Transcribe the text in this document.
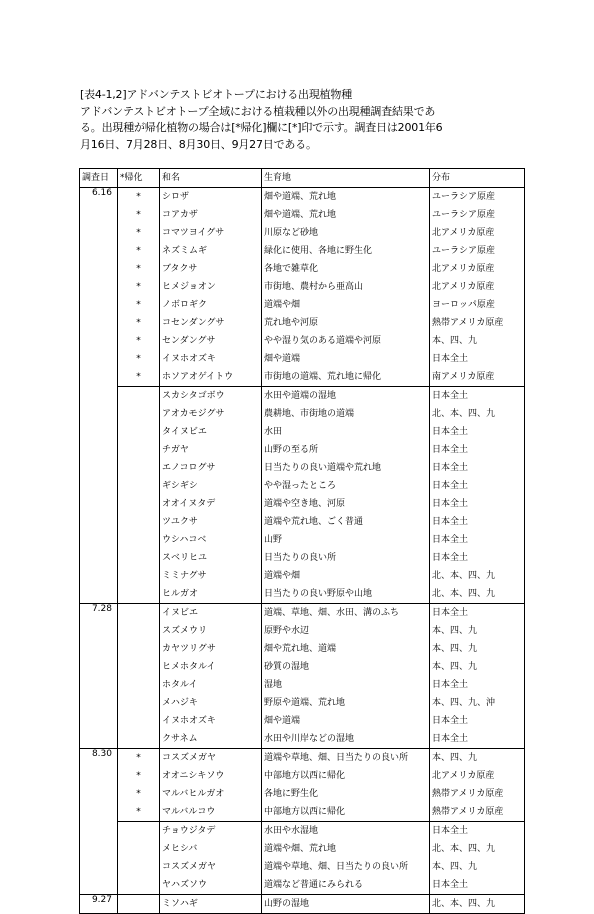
[表4-1,2]アドバンテストビオトープにおける出現植物種

アドバンテストビオトープ全域における植栽種以外の出現種調査結果であ

る。出現種が帰化植物の場合は[*帰化]欄に[*]印で示す。調査日は2001年6

月16日、7月28日、8月30日、9月27日である。

調査日	*帰化	和名	生育地	分布
6.16	*	シロザ	畑や道端、荒れ地	ユーラシア原産
	*	コアカザ	畑や道端、荒れ地	ユーラシア原産
	*	コマツヨイグサ	川原など砂地	北アメリカ原産
	*	ネズミムギ	緑化に使用、各地に野生化	ユーラシア原産
	*	ブタクサ	各地で雑草化	北アメリカ原産
	*	ヒメジョオン	市街地、農村から亜高山	北アメリカ原産
	*	ノボロギク	道端や畑	ヨーロッパ原産
	*	コセンダングサ	荒れ地や河原	熱帯アメリカ原産
	*	センダングサ	やや湿り気のある道端や河原	本、四、九
	*	イヌホオズキ	畑や道端	日本全土
	*	ホソアオゲイトウ	市街地の道端、荒れ地に帰化	南アメリカ原産
		スカシタゴボウ	水田や道端の湿地	日本全土
		アオカモジグサ	農耕地、市街地の道端	北、本、四、九
		タイヌビエ	水田	日本全土
		チガヤ	山野の至る所	日本全土
		エノコログサ	日当たりの良い道端や荒れ地	日本全土
		ギシギシ	やや湿ったところ	日本全土
		オオイヌタデ	道端や空き地、河原	日本全土
		ツユクサ	道端や荒れ地、ごく普通	日本全土
		ウシハコベ	山野	日本全土
		スベリヒユ	日当たりの良い所	日本全土
		ミミナグサ	道端や畑	北、本、四、九
		ヒルガオ	日当たりの良い野原や山地	北、本、四、九
7.28		イヌビエ	道端、草地、畑、水田、溝のふち	日本全土
		スズメウリ	原野や水辺	本、四、九
		カヤツリグサ	畑や荒れ地、道端	本、四、九
		ヒメホタルイ	砂質の湿地	本、四、九
		ホタルイ	湿地	日本全土
		メハジキ	野原や道端、荒れ地	本、四、九、沖
		イヌホオズキ	畑や道端	日本全土
		クサネム	水田や川岸などの湿地	日本全土
8.30	*	コスズメガヤ	道端や草地、畑、日当たりの良い所	本、四、九
	*	オオニシキソウ	中部地方以西に帰化	北アメリカ原産
	*	マルバヒルガオ	各地に野生化	熱帯アメリカ原産
	*	マルバルコウ	中部地方以西に帰化	熱帯アメリカ原産
		チョウジタデ	水田や水湿地	日本全土
		メヒシバ	道端や畑、荒れ地	北、本、四、九
		コスズメガヤ	道端や草地、畑、日当たりの良い所	本、四、九
		ヤハズソウ	道端など普通にみられる	日本全土
9.27		ミソハギ	山野の湿地	北、本、四、九
